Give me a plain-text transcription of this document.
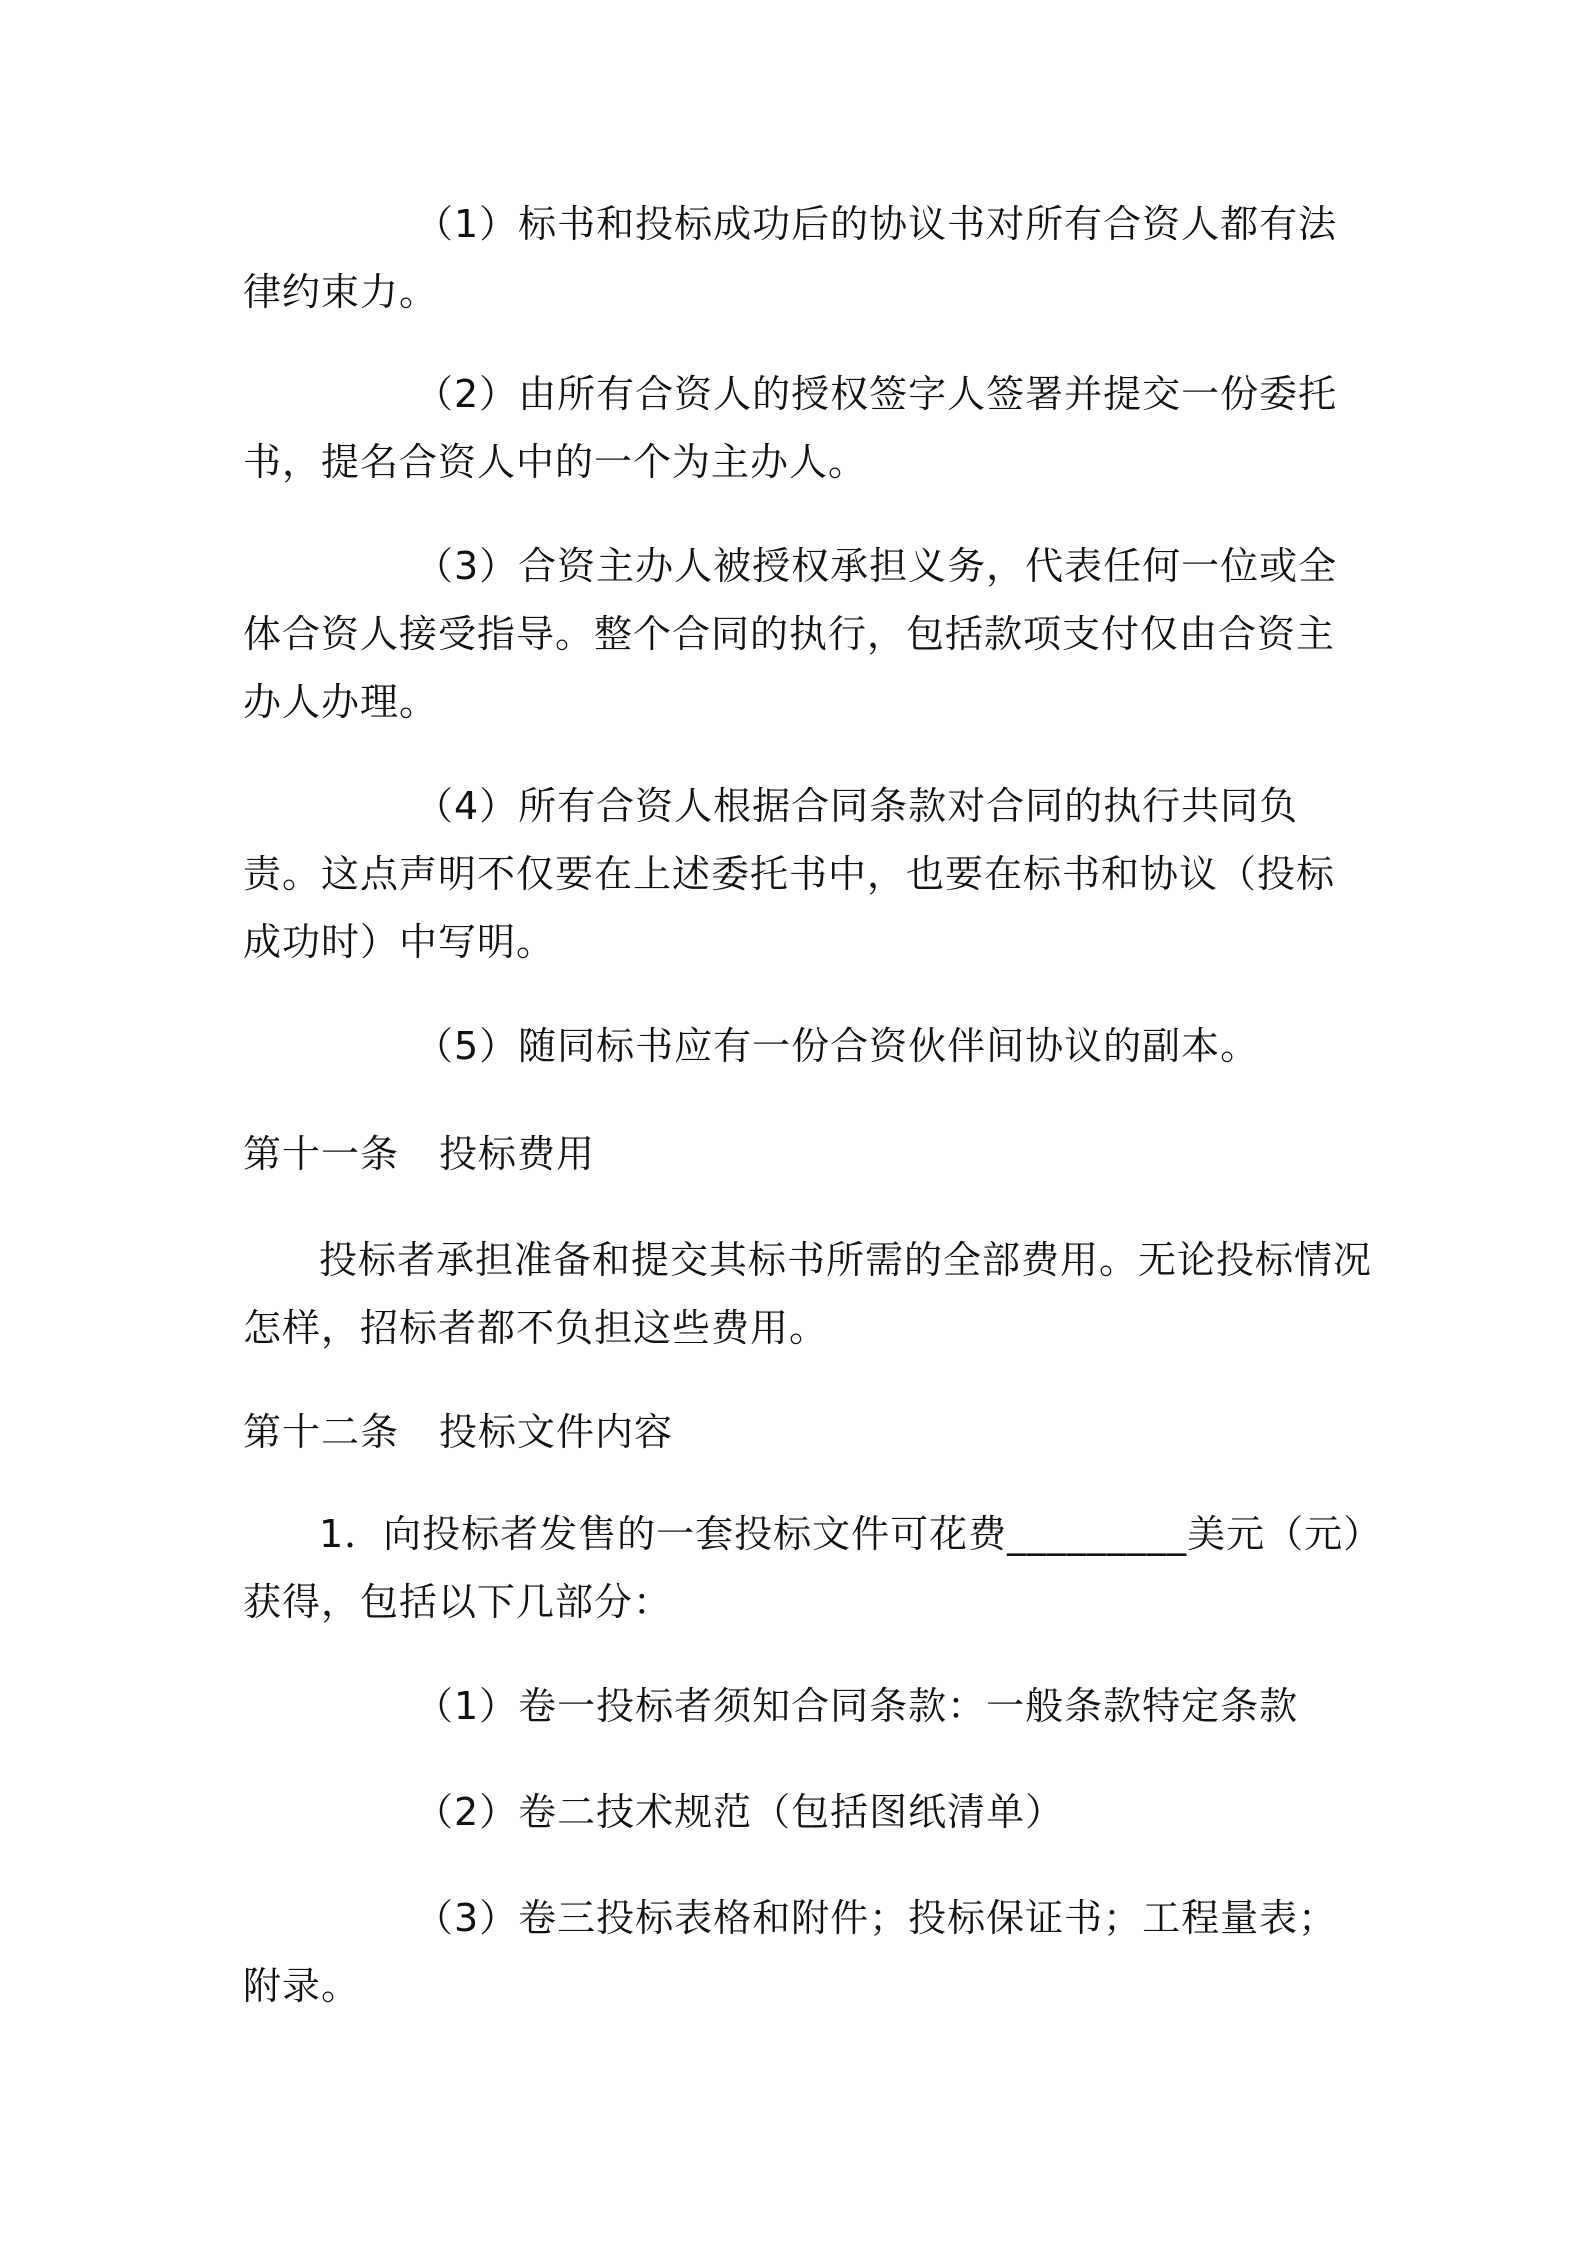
（1）标书和投标成功后的协议书对所有合资人都有法律约束力。

（2）由所有合资人的授权签字人签署并提交一份委托书，提名合资人中的一个为主办人。

（3）合资主办人被授权承担义务，代表任何一位或全体合资人接受指导。整个合同的执行，包括款项支付仅由合资主办人办理。

（4）所有合资人根据合同条款对合同的执行共同负责。这点声明不仅要在上述委托书中，也要在标书和协议（投标成功时）中写明。

（5）随同标书应有一份合资伙伴间协议的副本。

第十一条 投标费用

投标者承担准备和提交其标书所需的全部费用。无论投标情况怎样，招标者都不负担这些费用。

第十二条 投标文件内容

1．向投标者发售的一套投标文件可花费_________美元（元）获得，包括以下几部分：

（1）卷一投标者须知合同条款：一般条款特定条款

（2）卷二技术规范（包括图纸清单）

（3）卷三投标表格和附件；投标保证书；工程量表；附录。
